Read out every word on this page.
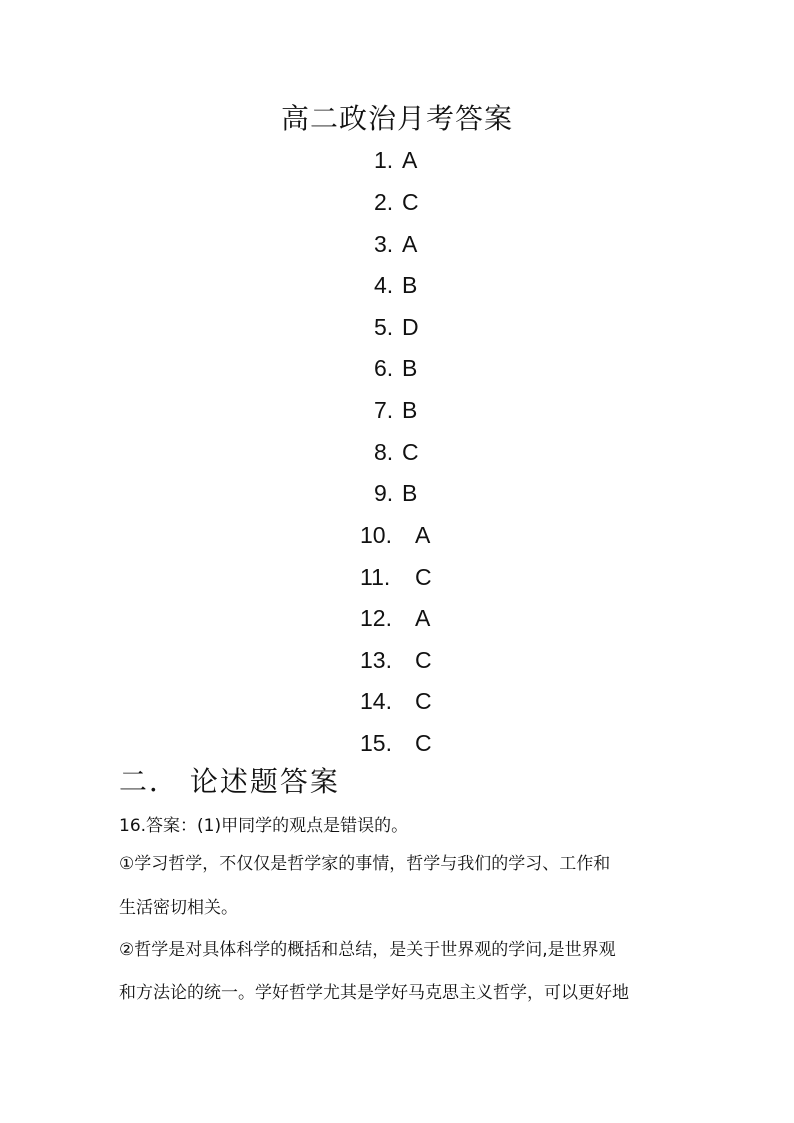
高二政治月考答案
1. A
2. C
3. A
4. B
5. D
6. B
7. B
8. C
9. B
10. A
11. C
12. A
13. C
14. C
15. C
二． 论述题答案
16.答案：(1)甲同学的观点是错误的。
①学习哲学，不仅仅是哲学家的事情，哲学与我们的学习、工作和
生活密切相关。
②哲学是对具体科学的概括和总结，是关于世界观的学问,是世界观
和方法论的统一。学好哲学尤其是学好马克思主义哲学，可以更好地
